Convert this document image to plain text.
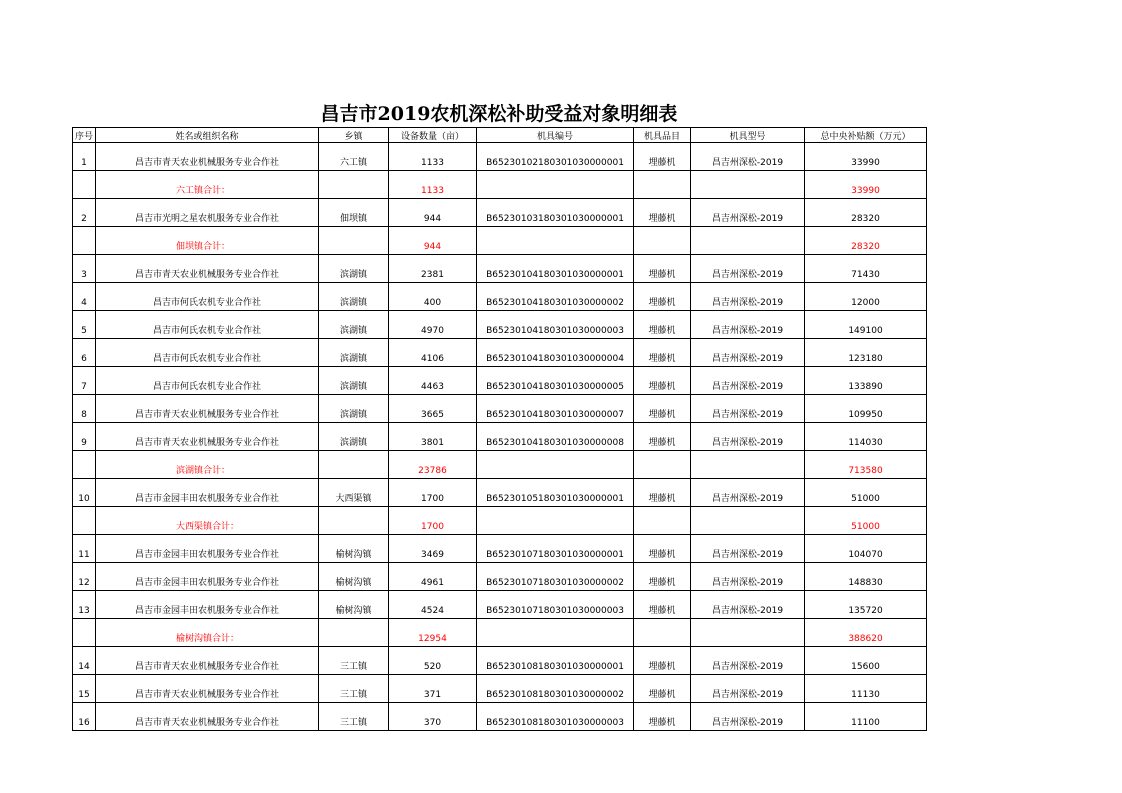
昌吉市2019农机深松补助受益对象明细表
序号	姓名或组织名称	乡镇	设备数量（亩）	机具编号	机具品目	机具型号	总中央补贴额（万元）
1	昌吉市青天农业机械服务专业合作社	六工镇	1133	B65230102180301030000001	埋藤机	昌吉州深松-2019	33990
	六工镇合计：		1133				33990
2	昌吉市光明之星农机服务专业合作社	佃坝镇	944	B65230103180301030000001	埋藤机	昌吉州深松-2019	28320
	佃坝镇合计：		944				28320
3	昌吉市青天农业机械服务专业合作社	滨湖镇	2381	B65230104180301030000001	埋藤机	昌吉州深松-2019	71430
4	昌吉市何氏农机专业合作社	滨湖镇	400	B65230104180301030000002	埋藤机	昌吉州深松-2019	12000
5	昌吉市何氏农机专业合作社	滨湖镇	4970	B65230104180301030000003	埋藤机	昌吉州深松-2019	149100
6	昌吉市何氏农机专业合作社	滨湖镇	4106	B65230104180301030000004	埋藤机	昌吉州深松-2019	123180
7	昌吉市何氏农机专业合作社	滨湖镇	4463	B65230104180301030000005	埋藤机	昌吉州深松-2019	133890
8	昌吉市青天农业机械服务专业合作社	滨湖镇	3665	B65230104180301030000007	埋藤机	昌吉州深松-2019	109950
9	昌吉市青天农业机械服务专业合作社	滨湖镇	3801	B65230104180301030000008	埋藤机	昌吉州深松-2019	114030
	滨湖镇合计：		23786				713580
10	昌吉市金园丰田农机服务专业合作社	大西渠镇	1700	B65230105180301030000001	埋藤机	昌吉州深松-2019	51000
	大西渠镇合计：		1700				51000
11	昌吉市金园丰田农机服务专业合作社	榆树沟镇	3469	B65230107180301030000001	埋藤机	昌吉州深松-2019	104070
12	昌吉市金园丰田农机服务专业合作社	榆树沟镇	4961	B65230107180301030000002	埋藤机	昌吉州深松-2019	148830
13	昌吉市金园丰田农机服务专业合作社	榆树沟镇	4524	B65230107180301030000003	埋藤机	昌吉州深松-2019	135720
	榆树沟镇合计：		12954				388620
14	昌吉市青天农业机械服务专业合作社	三工镇	520	B65230108180301030000001	埋藤机	昌吉州深松-2019	15600
15	昌吉市青天农业机械服务专业合作社	三工镇	371	B65230108180301030000002	埋藤机	昌吉州深松-2019	11130
16	昌吉市青天农业机械服务专业合作社	三工镇	370	B65230108180301030000003	埋藤机	昌吉州深松-2019	11100
